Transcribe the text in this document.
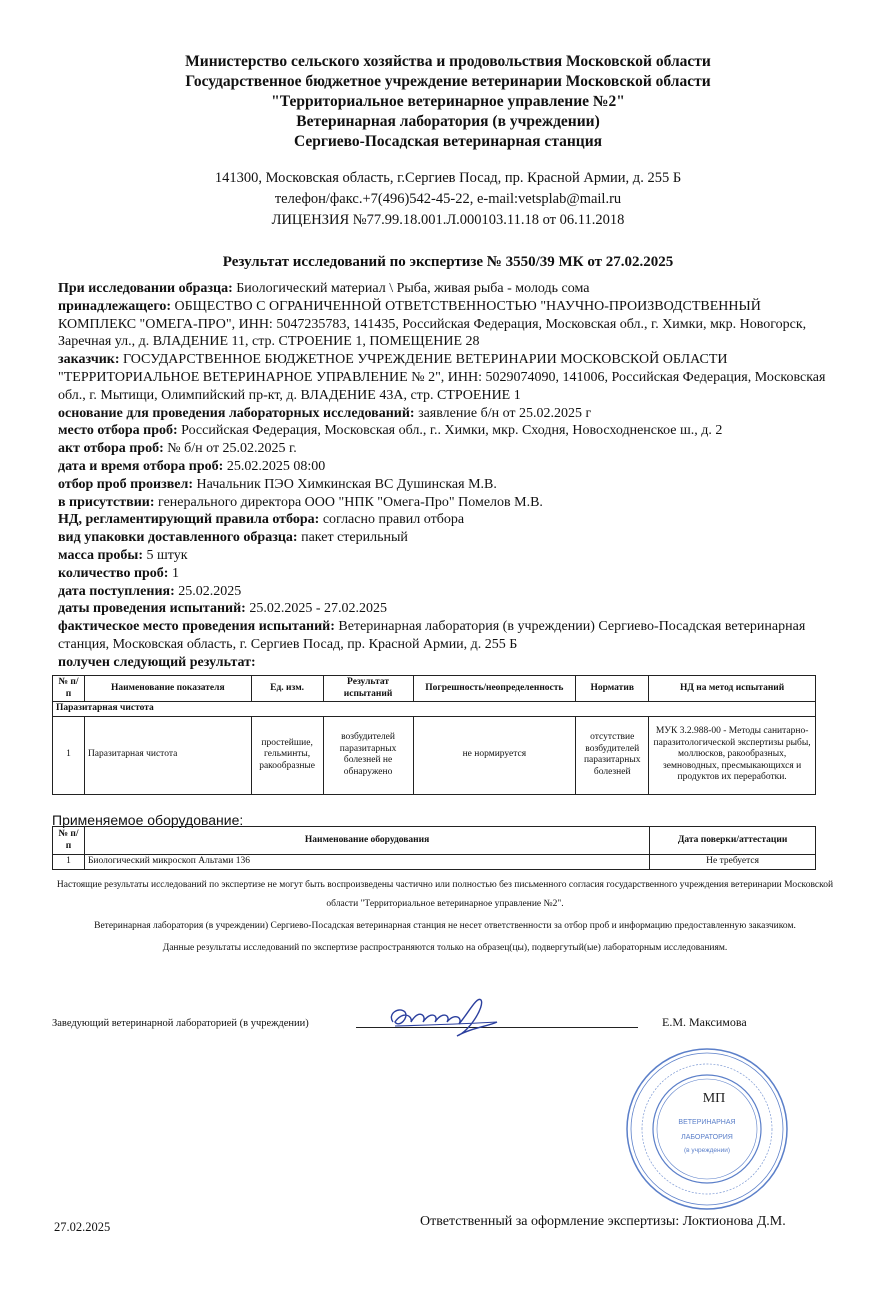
Министерство сельского хозяйства и продовольствия Московской области
Государственное бюджетное учреждение ветеринарии Московской области
"Территориальное ветеринарное управление №2"
Ветеринарная лаборатория (в учреждении)
Сергиево-Посадская ветеринарная станция
141300, Московская область, г.Сергиев Посад, пр. Красной Армии, д. 255 Б
телефон/факс.+7(496)542-45-22, e-mail:vetsplab@mail.ru
ЛИЦЕНЗИЯ №77.99.18.001.Л.000103.11.18 от 06.11.2018
Результат исследований по экспертизе № 3550/39 МК от 27.02.2025

При исследовании образца: Биологический материал \ Рыба, живая рыба - молодь сома

принадлежащего: ОБЩЕСТВО С ОГРАНИЧЕННОЙ ОТВЕТСТВЕННОСТЬЮ "НАУЧНО-ПРОИЗВОДСТВЕННЫЙ КОМПЛЕКС "ОМЕГА-ПРО", ИНН: 5047235783, 141435, Российская Федерация, Московская обл., г. Химки, мкр. Новогорск, Заречная ул., д. ВЛАДЕНИЕ 11, стр. СТРОЕНИЕ 1, ПОМЕЩЕНИЕ 28

заказчик: ГОСУДАРСТВЕННОЕ БЮДЖЕТНОЕ УЧРЕЖДЕНИЕ ВЕТЕРИНАРИИ МОСКОВСКОЙ ОБЛАСТИ "ТЕРРИТОРИАЛЬНОЕ ВЕТЕРИНАРНОЕ УПРАВЛЕНИЕ № 2", ИНН: 5029074090, 141006, Российская Федерация, Московская обл., г. Мытищи, Олимпийский пр-кт, д. ВЛАДЕНИЕ 43А, стр. СТРОЕНИЕ 1

основание для проведения лабораторных исследований: заявление б/н от 25.02.2025 г

место отбора проб: Российская Федерация, Московская обл., г.. Химки, мкр. Сходня, Новосходненское ш., д. 2

акт отбора проб: № б/н от 25.02.2025 г.

дата и время отбора проб: 25.02.2025 08:00

отбор проб произвел: Начальник ПЭО Химкинская ВС Душинская М.В.

в присутствии: генерального директора ООО "НПК "Омега-Про" Помелов М.В.

НД, регламентирующий правила отбора: согласно правил отбора

вид упаковки доставленного образца: пакет стерильный

масса пробы: 5 штук

количество проб: 1

дата поступления: 25.02.2025

даты проведения испытаний: 25.02.2025 - 27.02.2025

фактическое место проведения испытаний: Ветеринарная лаборатория (в учреждении) Сергиево-Посадская ветеринарная станция, Московская область, г. Сергиев Посад, пр. Красной Армии, д. 255 Б

получен следующий результат:

№ п/п	Наименование показателя	Ед. изм.	Результат испытаний	Погрешность/неопределенность	Норматив	НД на метод испытаний
Паразитарная чистота						
1	Паразитарная чистота	простейшие, гельминты, ракообразные	возбудителей паразитарных болезней не обнаружено	не нормируется	отсутствие возбудителей паразитарных болезней	МУК 3.2.988-00 - Методы санитарно-паразитологической экспертизы рыбы, моллюсков, ракообразных, земноводных, пресмыкающихся и продуктов их переработки.
Применяемое оборудование:
№ п/п	Наименование оборудования	Дата поверки/аттестации
1	Биологический микроскоп Альтами 136	Не требуется

Настоящие результаты исследований по экспертизе не могут быть воспроизведены частично или полностью без письменного согласия государственного учреждения ветеринарии Московской области "Территориальное ветеринарное управление №2".

Ветеринарная лаборатория (в учреждении) Сергиево-Посадская ветеринарная станция не несет ответственности за отбор проб и информацию предоставленную заказчиком.

Данные результаты исследований по экспертизе распространяются только на образец(цы), подвергутый(ые) лабораторным исследованиям.

Заведующий ветеринарной лабораторией (в учреждении)	Е.М. Максимова
МП
ВЕТЕРИНАРНАЯ
ЛАБОРАТОРИЯ
(в учреждении)
27.02.2025	Ответственный за оформление экспертизы: Локтионова Д.М.
